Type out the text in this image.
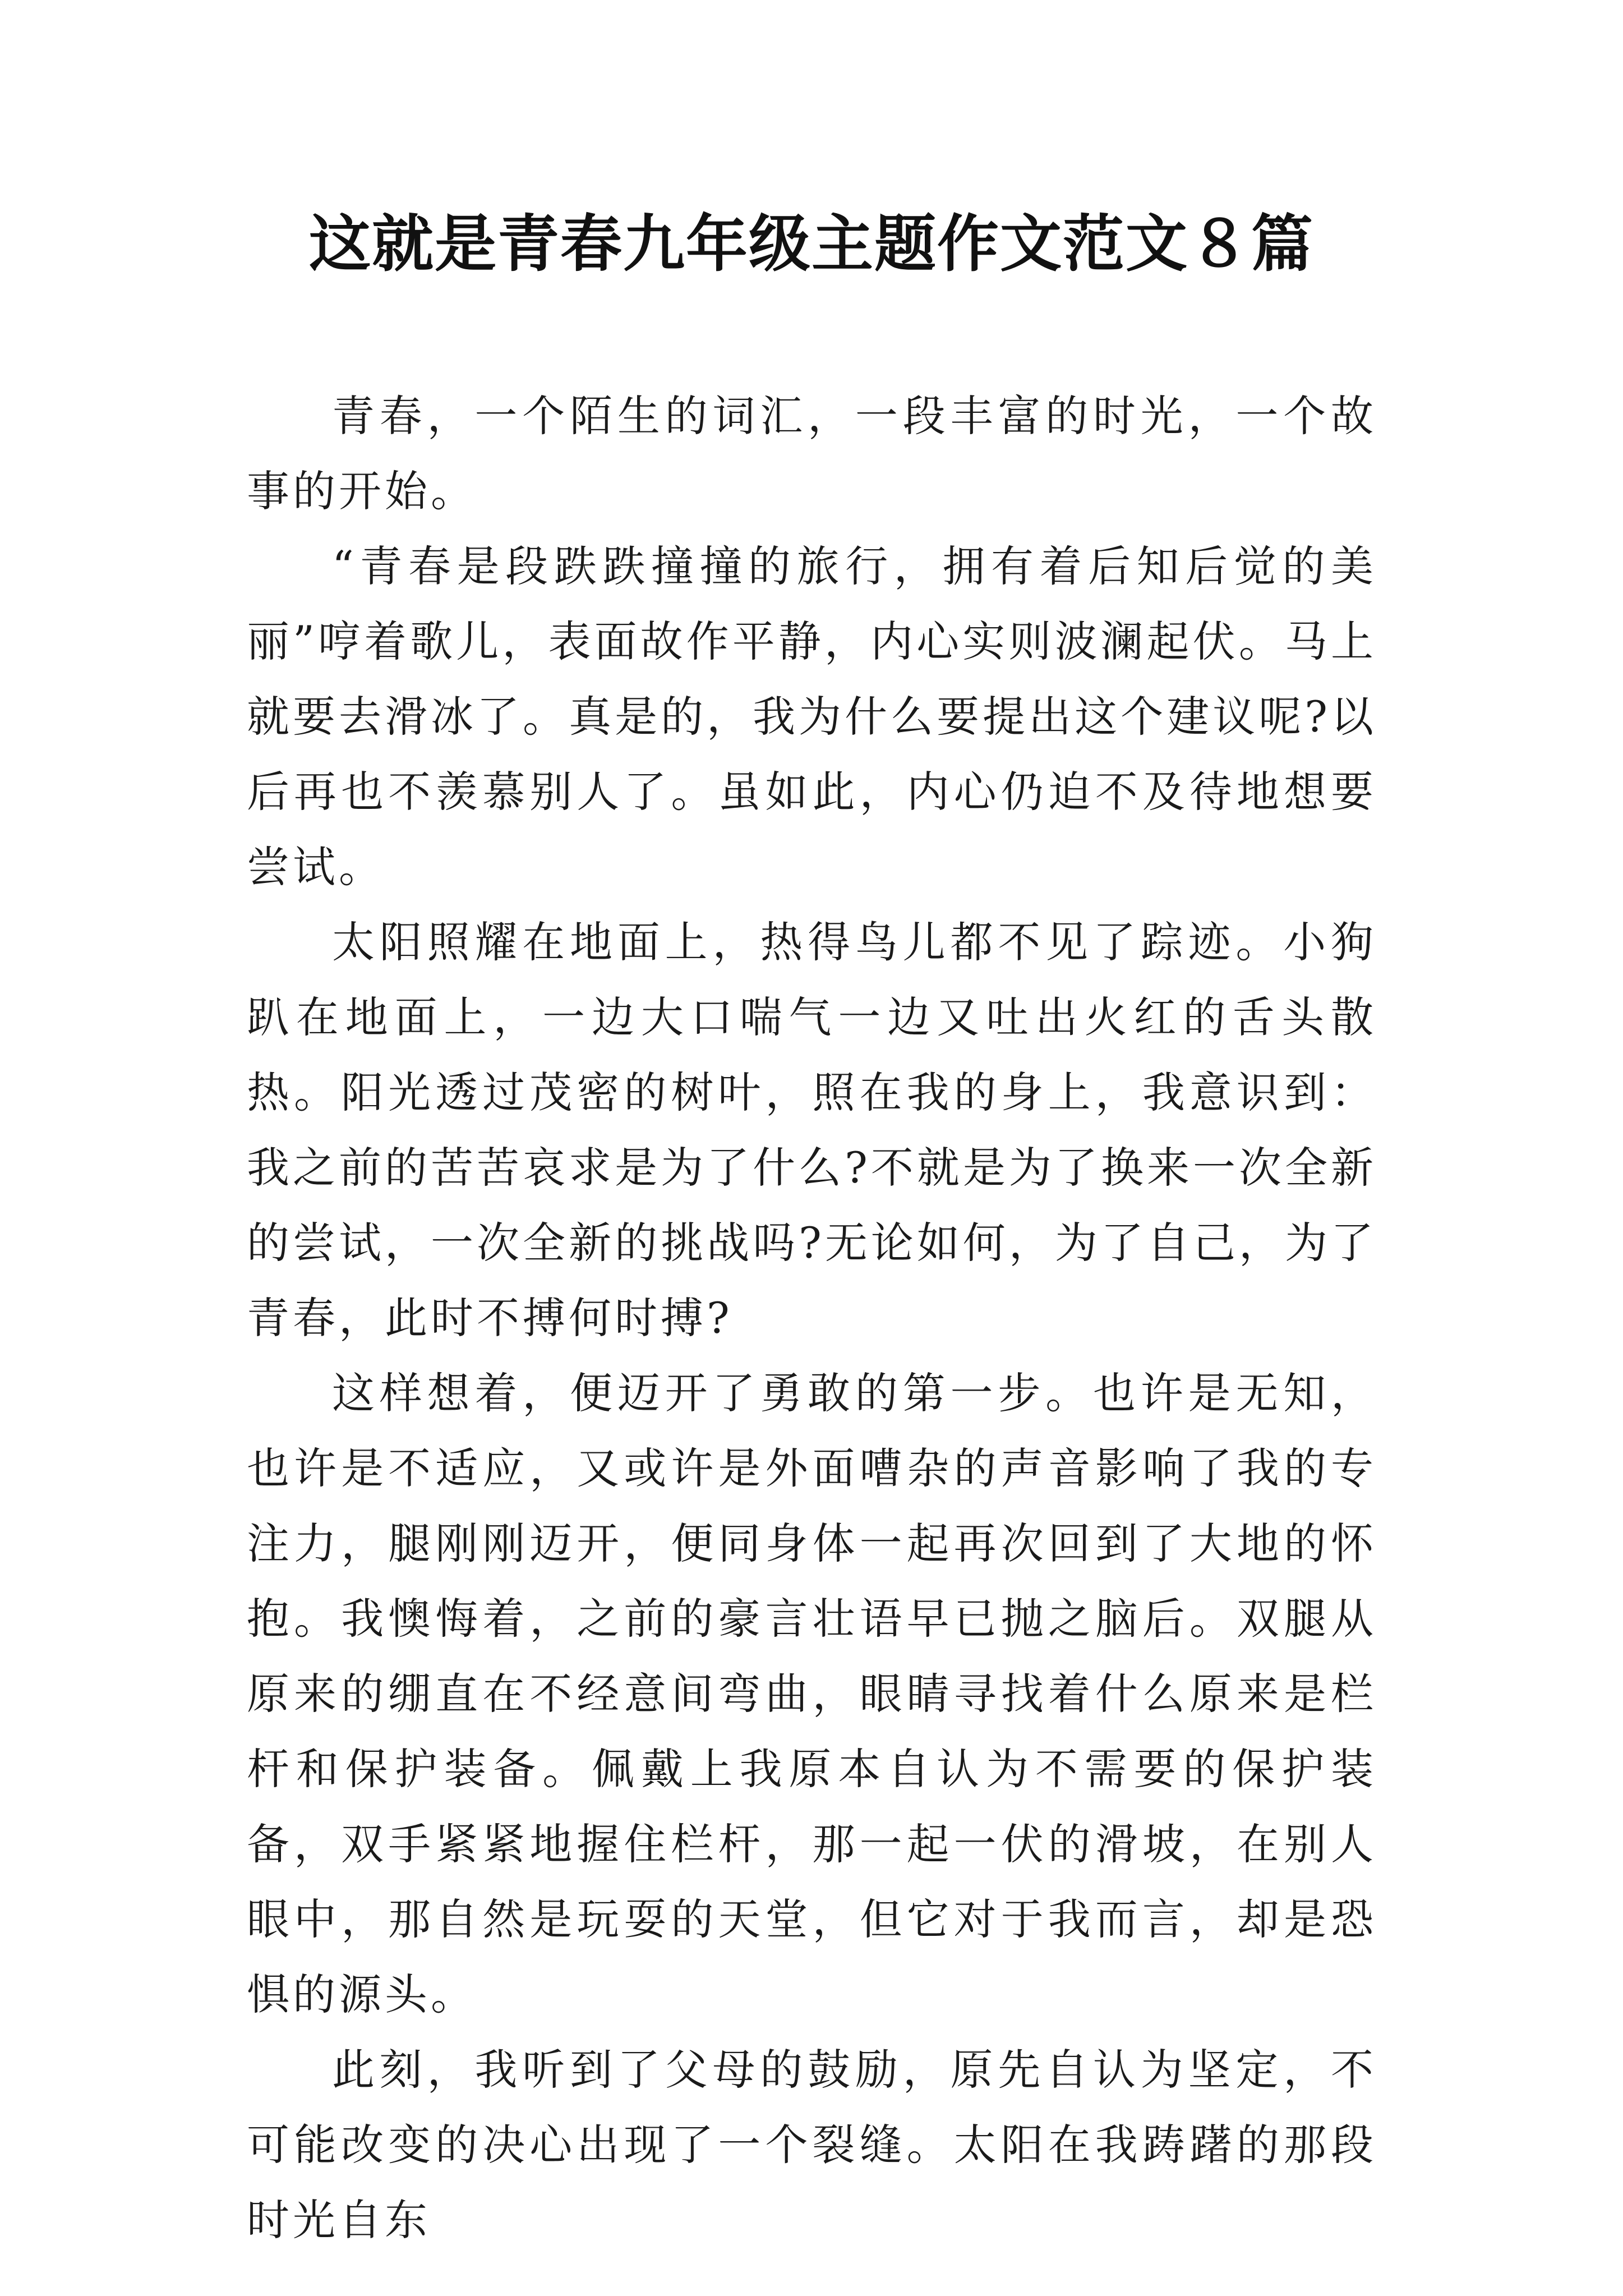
这就是青春九年级主题作文范文８篇

青春，一个陌生的词汇，一段丰富的时光，一个故事的开始。

“青春是段跌跌撞撞的旅行，拥有着后知后觉的美丽”哼着歌儿，表面故作平静，内心实则波澜起伏。马上就要去滑冰了。真是的，我为什么要提出这个建议呢?以后再也不羡慕别人了。虽如此，内心仍迫不及待地想要尝试。

太阳照耀在地面上，热得鸟儿都不见了踪迹。小狗趴在地面上，一边大口喘气一边又吐出火红的舌头散热。阳光透过茂密的树叶，照在我的身上，我意识到：我之前的苦苦哀求是为了什么?不就是为了换来一次全新的尝试，一次全新的挑战吗?无论如何，为了自己，为了青春，此时不搏何时搏?

这样想着，便迈开了勇敢的第一步。也许是无知，也许是不适应，又或许是外面嘈杂的声音影响了我的专注力，腿刚刚迈开，便同身体一起再次回到了大地的怀抱。我懊悔着，之前的豪言壮语早已抛之脑后。双腿从原来的绷直在不经意间弯曲，眼睛寻找着什么原来是栏杆和保护装备。佩戴上我原本自认为不需要的保护装备，双手紧紧地握住栏杆，那一起一伏的滑坡，在别人眼中，那自然是玩耍的天堂，但它对于我而言，却是恐惧的源头。

此刻，我听到了父母的鼓励，原先自认为坚定，不可能改变的决心出现了一个裂缝。太阳在我踌躇的那段时光自东
